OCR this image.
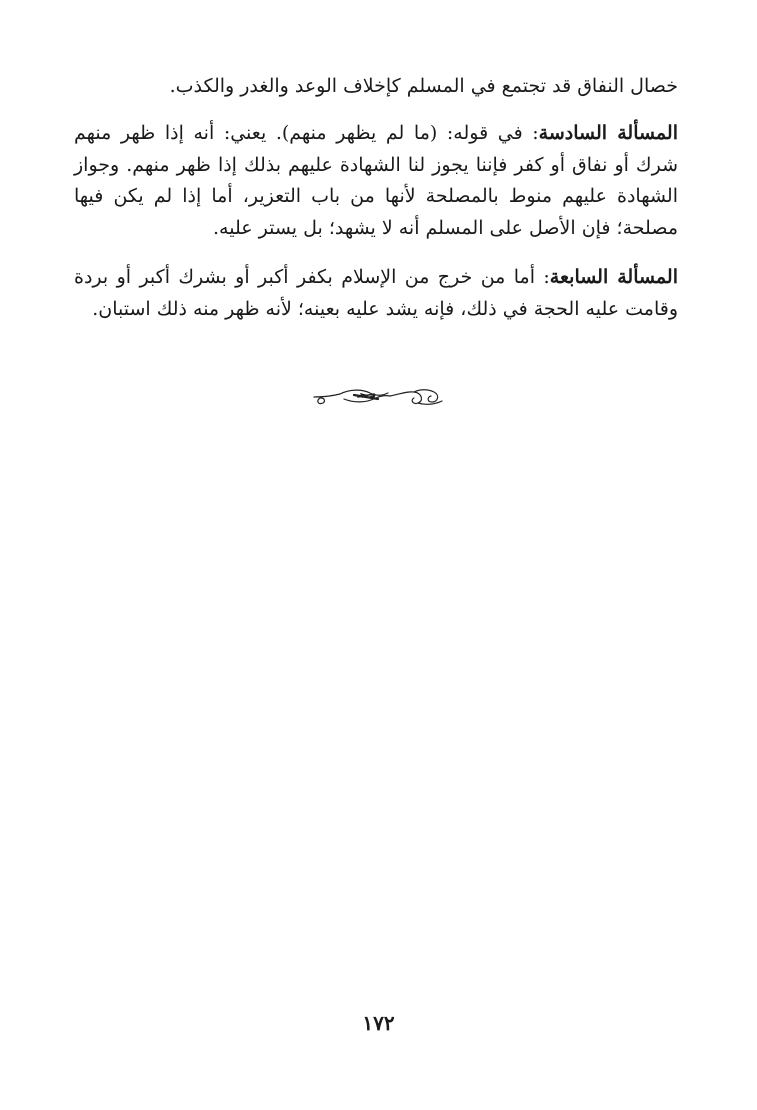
خصال النفاق قد تجتمع في المسلم كإخلاف الوعد والغدر والكذب.

المسألة السادسة: في قوله: (ما لم يظهر منهم). يعني: أنه إذا ظهر منهم شرك أو نفاق أو كفر فإننا يجوز لنا الشهادة عليهم بذلك إذا ظهر منهم. وجواز الشهادة عليهم منوط بالمصلحة لأنها من باب التعزير، أما إذا لم يكن فيها مصلحة؛ فإن الأصل على المسلم أنه لا يشهد؛ بل يستر عليه.

المسألة السابعة: أما من خرج من الإسلام بكفر أكبر أو بشرك أكبر أو بردة وقامت عليه الحجة في ذلك، فإنه يشد عليه بعينه؛ لأنه ظهر منه ذلك استبان.

١٧٢
